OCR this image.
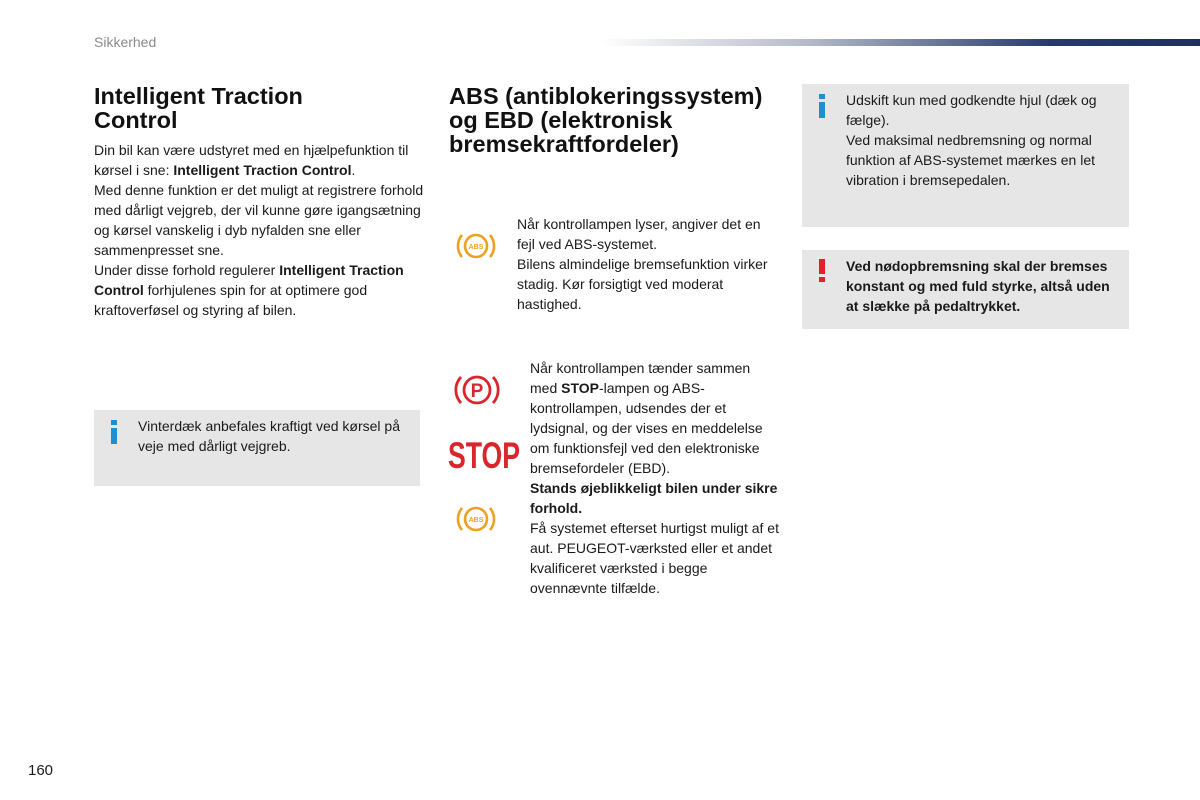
Sikkerhed
Intelligent Traction
Control
Din bil kan være udstyret med en hjælpefunktion til kørsel i sne: Intelligent Traction Control.
Med denne funktion er det muligt at registrere forhold med dårligt vejgreb, der vil kunne gøre igangsætning og kørsel vanskelig i dyb nyfalden sne eller sammenpresset sne.
Under disse forhold regulerer Intelligent Traction Control forhjulenes spin for at optimere god kraftoverføsel og styring af bilen.
Vinterdæk anbefales kraftigt ved kørsel på veje med dårligt vejgreb.
ABS (antiblokeringssystem)
og EBD (elektronisk
bremsekraftfordeler)
ABS
Når kontrollampen lyser, angiver det en fejl ved ABS-systemet.
Bilens almindelige bremsefunktion virker stadig. Kør forsigtigt ved moderat hastighed.
P
STOP
ABS
Når kontrollampen tænder sammen med STOP-lampen og ABS-kontrollampen, udsendes der et lydsignal, og der vises en meddelelse om funktionsfejl ved den elektroniske bremsefordeler (EBD).
Stands øjeblikkeligt bilen under sikre forhold.
Få systemet efterset hurtigst muligt af et aut. PEUGEOT-værksted eller et andet kvalificeret værksted i begge ovennævnte tilfælde.
Udskift kun med godkendte hjul (dæk og fælge).
Ved maksimal nedbremsning og normal funktion af ABS-systemet mærkes en let vibration i bremsepedalen.
Ved nødopbremsning skal der bremses konstant og med fuld styrke, altså uden at slække på pedaltrykket.
160
